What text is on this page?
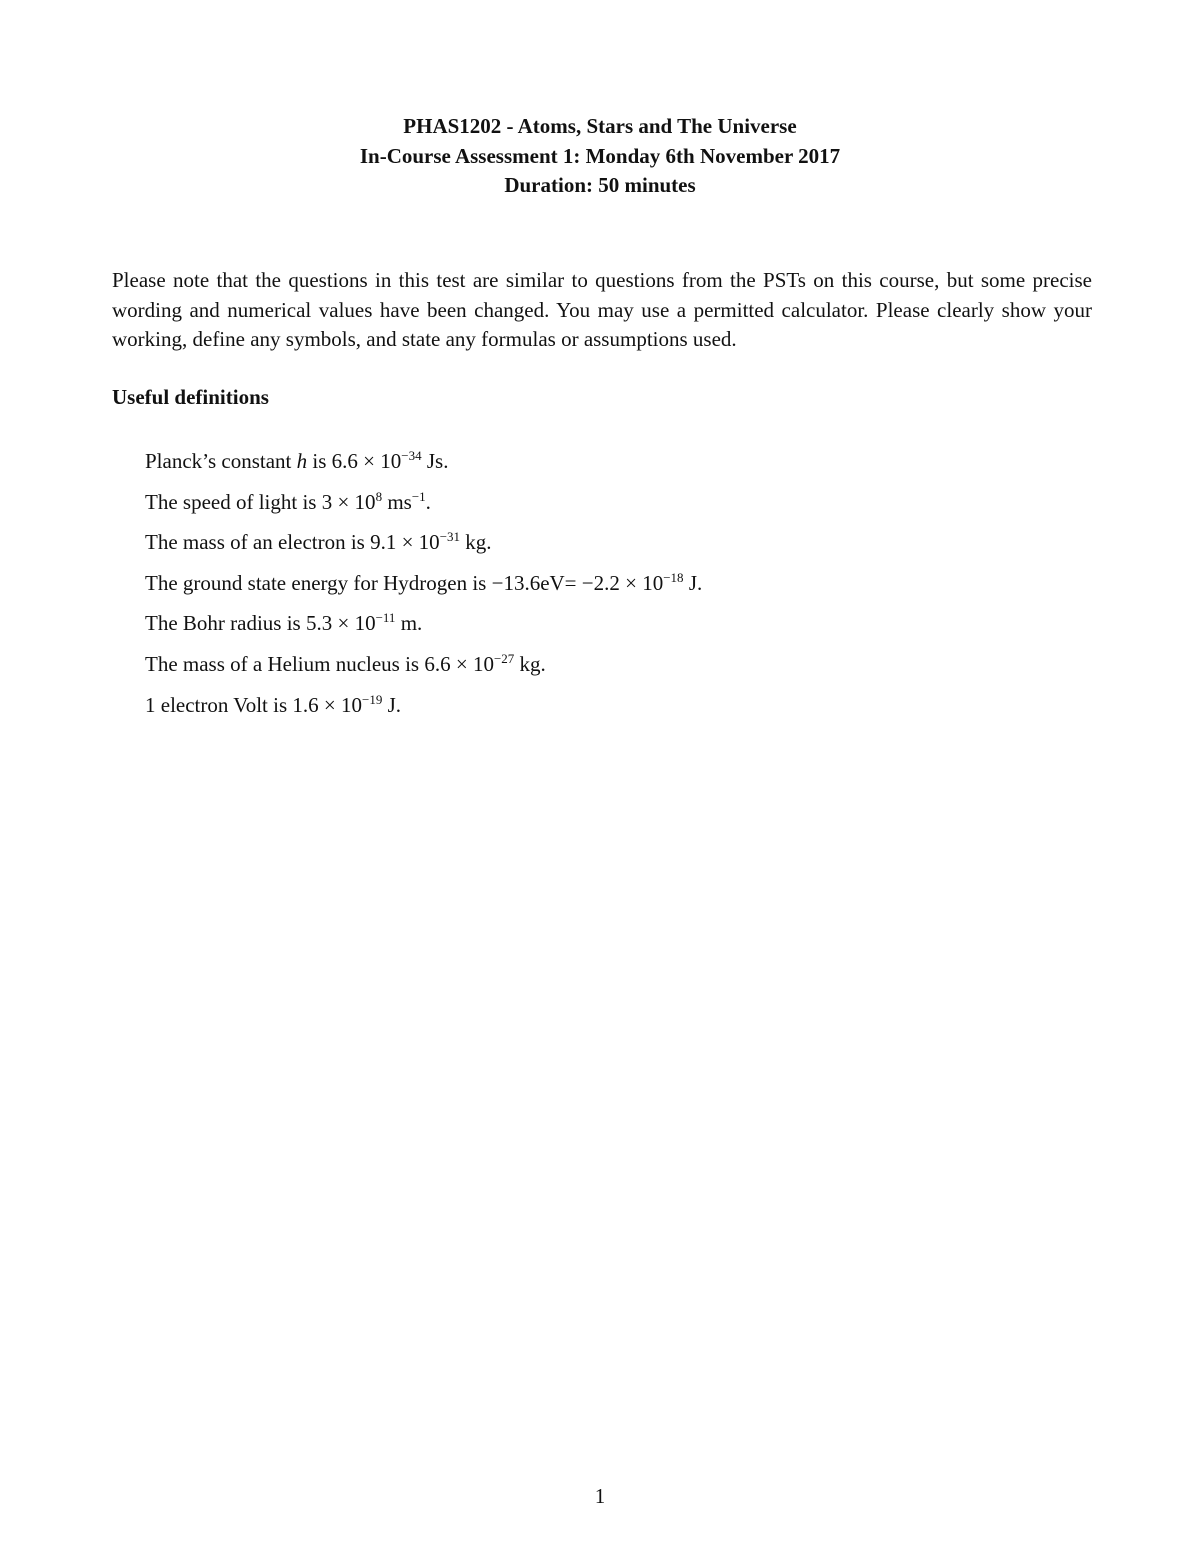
PHAS1202 - Atoms, Stars and The Universe
In-Course Assessment 1: Monday 6th November 2017
Duration: 50 minutes
Please note that the questions in this test are similar to questions from the PSTs on this course, but some precise wording and numerical values have been changed. You may use a permitted calculator. Please clearly show your working, define any symbols, and state any formulas or assumptions used.
Useful definitions
Planck’s constant h is $6.6 \times 10^{-34}$ Js.
The speed of light is $3 \times 10^8$ $ms^{-1}$.
The mass of an electron is $9.1 \times 10^{-31}$ kg.
The ground state energy for Hydrogen is $-13.6eV= -2.2 \times 10^{-18}$ J.
The Bohr radius is $5.3 \times 10^{-11}$ m.
The mass of a Helium nucleus is $6.6 \times 10^{-27}$ kg.
1 electron Volt is $1.6 \times 10^{-19}$ J.
1
